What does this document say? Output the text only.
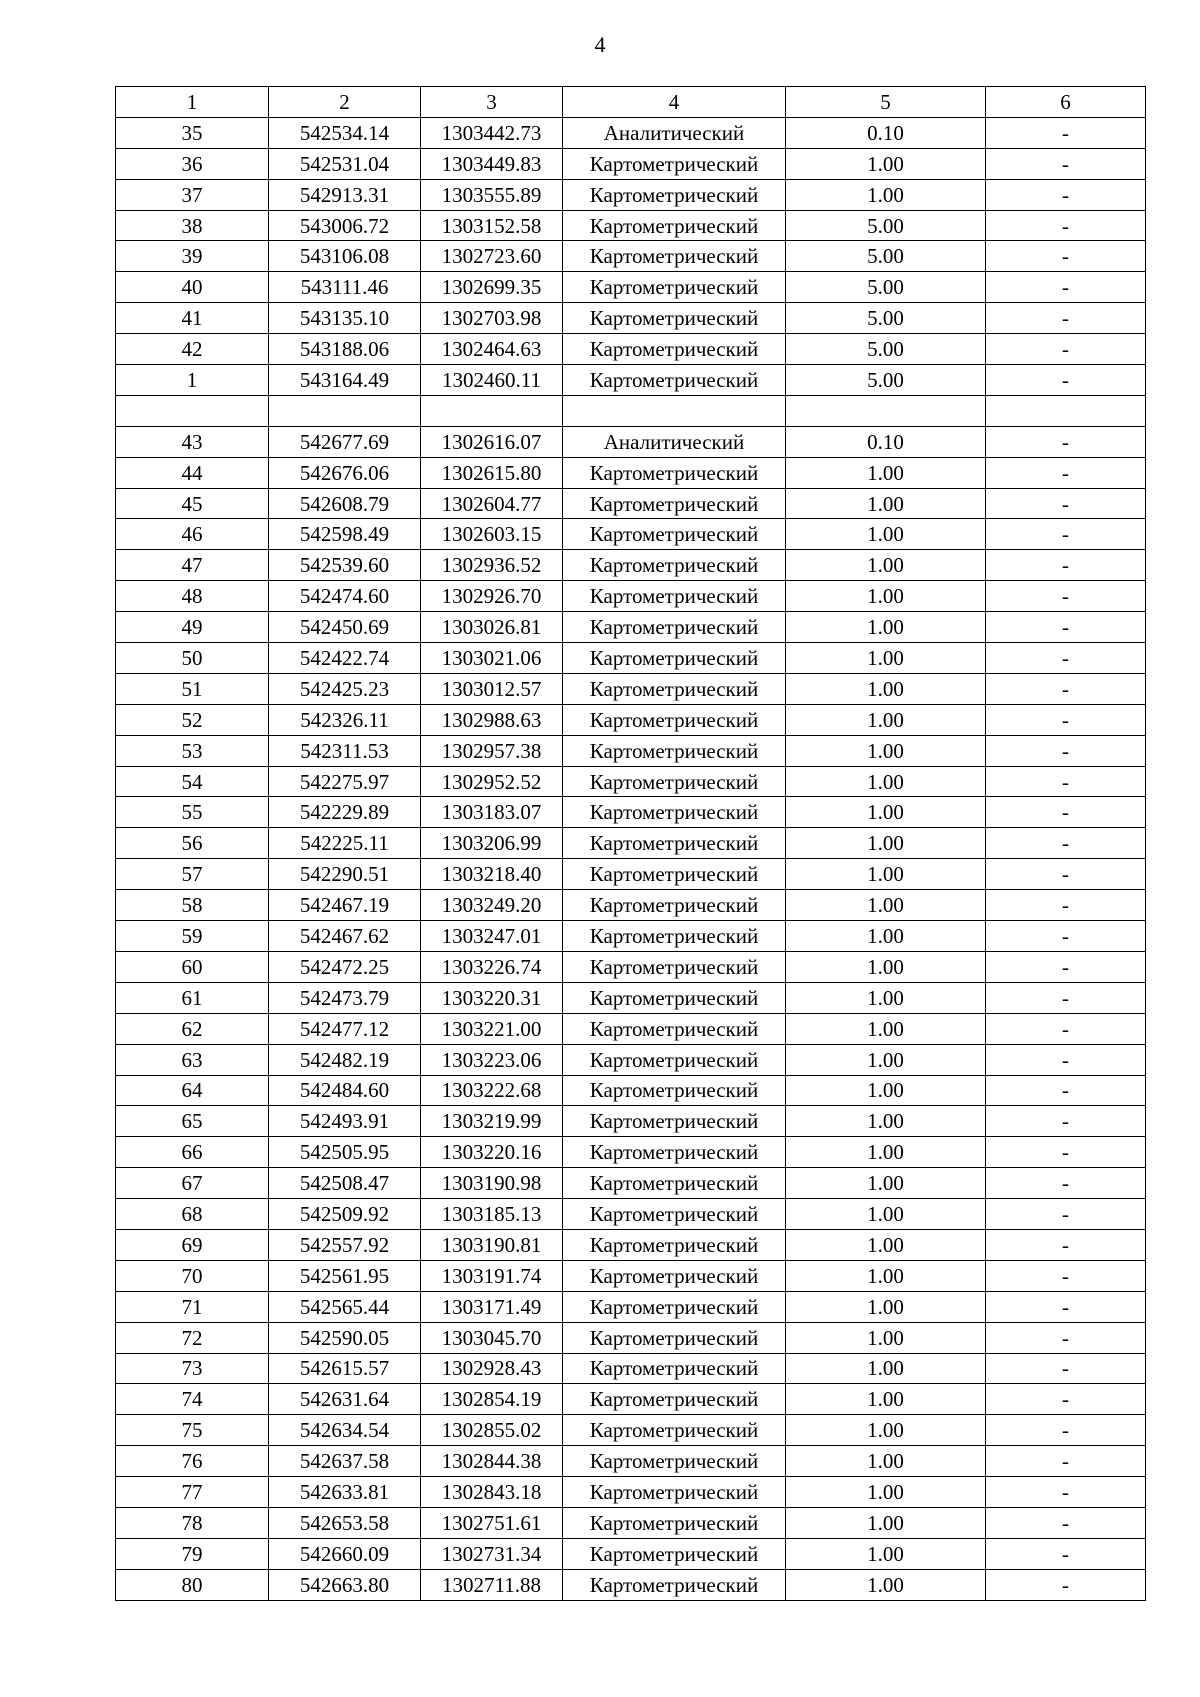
4
1	2	3	4	5	6
35	542534.14	1303442.73	Аналитический	0.10	-
36	542531.04	1303449.83	Картометрический	1.00	-
37	542913.31	1303555.89	Картометрический	1.00	-
38	543006.72	1303152.58	Картометрический	5.00	-
39	543106.08	1302723.60	Картометрический	5.00	-
40	543111.46	1302699.35	Картометрический	5.00	-
41	543135.10	1302703.98	Картометрический	5.00	-
42	543188.06	1302464.63	Картометрический	5.00	-
1	543164.49	1302460.11	Картометрический	5.00	-

43	542677.69	1302616.07	Аналитический	0.10	-
44	542676.06	1302615.80	Картометрический	1.00	-
45	542608.79	1302604.77	Картометрический	1.00	-
46	542598.49	1302603.15	Картометрический	1.00	-
47	542539.60	1302936.52	Картометрический	1.00	-
48	542474.60	1302926.70	Картометрический	1.00	-
49	542450.69	1303026.81	Картометрический	1.00	-
50	542422.74	1303021.06	Картометрический	1.00	-
51	542425.23	1303012.57	Картометрический	1.00	-
52	542326.11	1302988.63	Картометрический	1.00	-
53	542311.53	1302957.38	Картометрический	1.00	-
54	542275.97	1302952.52	Картометрический	1.00	-
55	542229.89	1303183.07	Картометрический	1.00	-
56	542225.11	1303206.99	Картометрический	1.00	-
57	542290.51	1303218.40	Картометрический	1.00	-
58	542467.19	1303249.20	Картометрический	1.00	-
59	542467.62	1303247.01	Картометрический	1.00	-
60	542472.25	1303226.74	Картометрический	1.00	-
61	542473.79	1303220.31	Картометрический	1.00	-
62	542477.12	1303221.00	Картометрический	1.00	-
63	542482.19	1303223.06	Картометрический	1.00	-
64	542484.60	1303222.68	Картометрический	1.00	-
65	542493.91	1303219.99	Картометрический	1.00	-
66	542505.95	1303220.16	Картометрический	1.00	-
67	542508.47	1303190.98	Картометрический	1.00	-
68	542509.92	1303185.13	Картометрический	1.00	-
69	542557.92	1303190.81	Картометрический	1.00	-
70	542561.95	1303191.74	Картометрический	1.00	-
71	542565.44	1303171.49	Картометрический	1.00	-
72	542590.05	1303045.70	Картометрический	1.00	-
73	542615.57	1302928.43	Картометрический	1.00	-
74	542631.64	1302854.19	Картометрический	1.00	-
75	542634.54	1302855.02	Картометрический	1.00	-
76	542637.58	1302844.38	Картометрический	1.00	-
77	542633.81	1302843.18	Картометрический	1.00	-
78	542653.58	1302751.61	Картометрический	1.00	-
79	542660.09	1302731.34	Картометрический	1.00	-
80	542663.80	1302711.88	Картометрический	1.00	-
